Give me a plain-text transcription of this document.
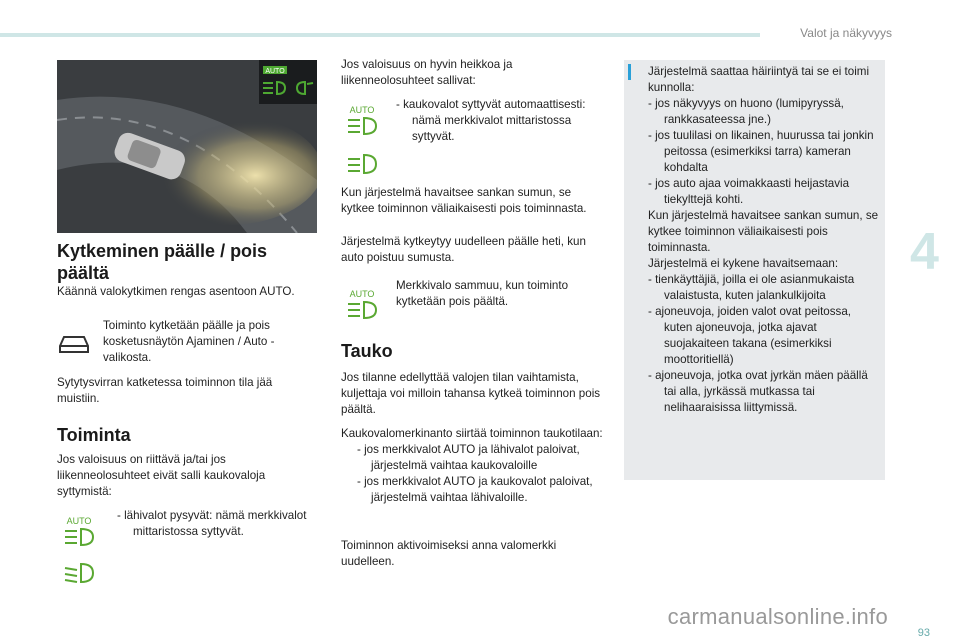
Valot ja näkyvyys
4
AUTO
Kytkeminen päälle / pois päältä
Käännä valokytkimen rengas asentoon AUTO.
Toiminto kytketään päälle ja pois kosketusnäytön Ajaminen / Auto -valikosta.
Sytytysvirran katketessa toiminnon tila jää muistiin.
Toiminta
Jos valoisuus on riittävä ja/tai jos liikenneolosuhteet eivät salli kaukovaloja syttymistä:
AUTO - lähivalot pysyvät: nämä merkkivalot mittaristossa syttyvät.
Jos valoisuus on hyvin heikkoa ja liikenneolosuhteet sallivat:
AUTO - kaukovalot syttyvät automaattisesti: nämä merkkivalot mittaristossa syttyvät.
Kun järjestelmä havaitsee sankan sumun, se kytkee toiminnon väliaikaisesti pois toiminnasta.
Järjestelmä kytkeytyy uudelleen päälle heti, kun auto poistuu sumusta.
AUTO
Merkkivalo sammuu, kun toiminto kytketään pois päältä.
Tauko
Jos tilanne edellyttää valojen tilan vaihtamista, kuljettaja voi milloin tahansa kytkeä toiminnon pois päältä.
Kaukovalomerkinanto siirtää toiminnon taukotilaan:
- jos merkkivalot AUTO ja lähivalot paloivat, järjestelmä vaihtaa kaukovaloille
- jos merkkivalot AUTO ja kaukovalot paloivat, järjestelmä vaihtaa lähivaloille.
Toiminnon aktivoimiseksi anna valomerkki uudelleen.
Järjestelmä saattaa häiriintyä tai se ei toimi kunnolla:
- jos näkyvyys on huono (lumipyryssä, rankkasateessa jne.)
- jos tuulilasi on likainen, huurussa tai jonkin peitossa (esimerkiksi tarra) kameran kohdalta
- jos auto ajaa voimakkaasti heijastavia tiekylttejä kohti.
Kun järjestelmä havaitsee sankan sumun, se kytkee toiminnon väliaikaisesti pois toiminnasta.
Järjestelmä ei kykene havaitsemaan:
- tienkäyttäjiä, joilla ei ole asianmukaista valaistusta, kuten jalankulkijoita
- ajoneuvoja, joiden valot ovat peitossa, kuten ajoneuvoja, jotka ajavat suojakaiteen takana (esimerkiksi moottoritiellä)
- ajoneuvoja, jotka ovat jyrkän mäen päällä tai alla, jyrkässä mutkassa tai nelihaaraisissa liittymissä.
carmanualsonline.info
93
